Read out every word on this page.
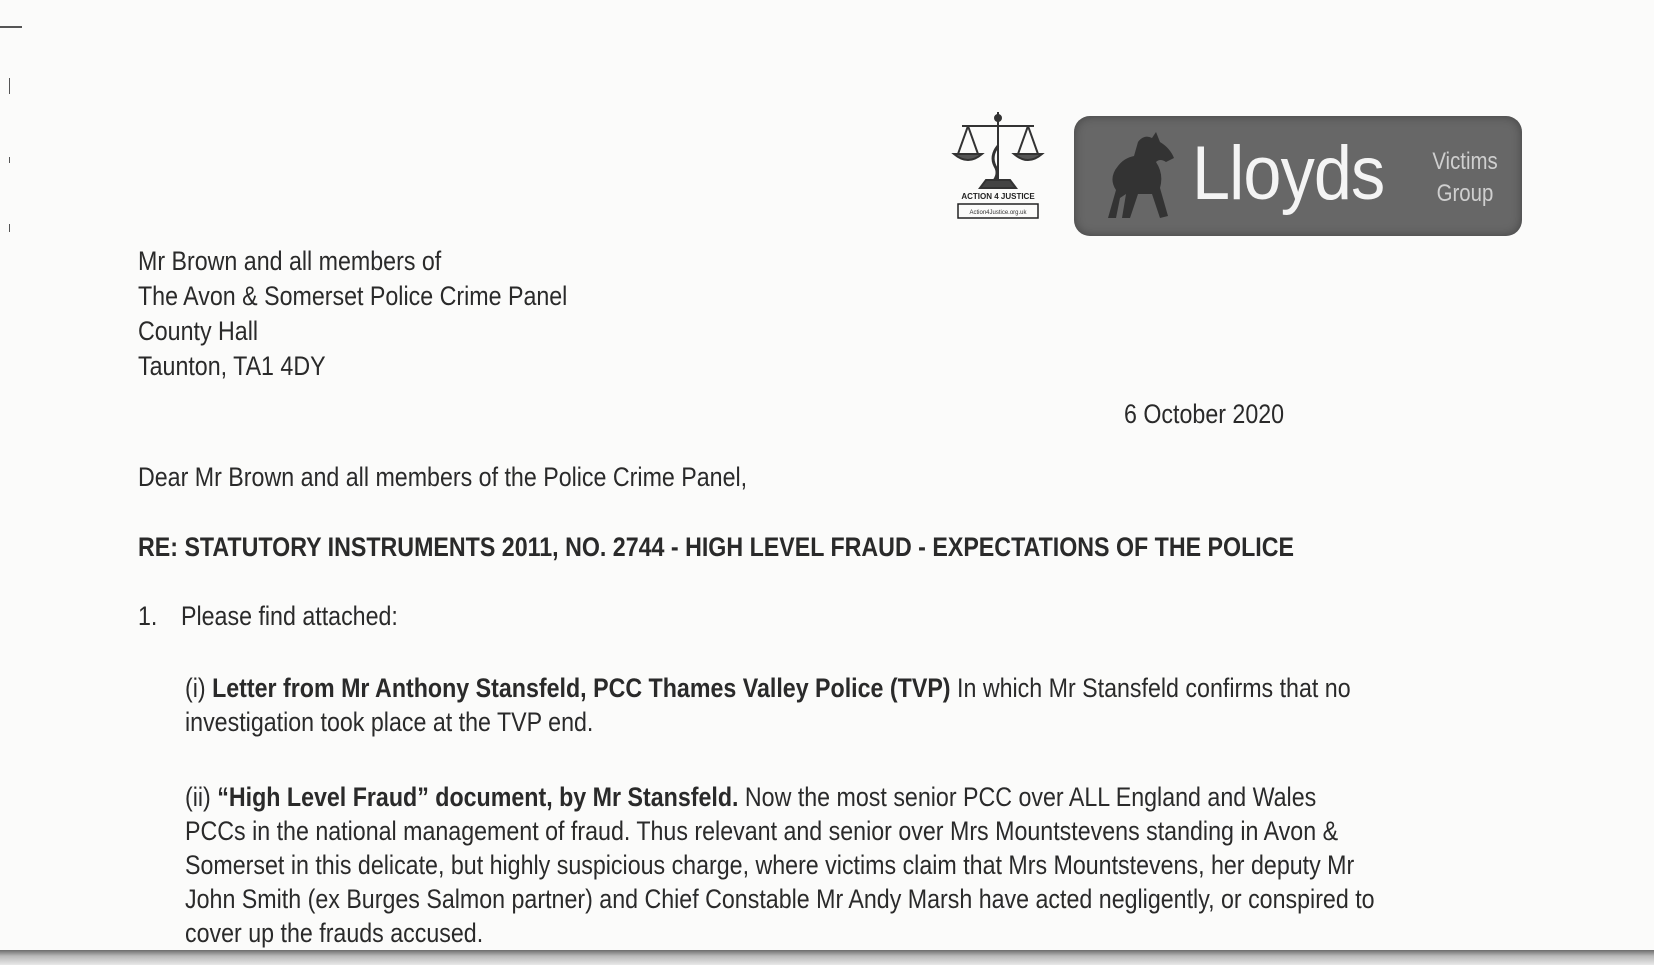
ACTION 4 JUSTICE
Action4Justice.org.uk Lloyds Victims
Group
Mr Brown and all members of
The Avon & Somerset Police Crime Panel
County Hall
Taunton, TA1 4DY
6 October 2020
Dear Mr Brown and all members of the Police Crime Panel,
RE: STATUTORY INSTRUMENTS 2011, NO. 2744 - HIGH LEVEL FRAUD - EXPECTATIONS OF THE POLICE
1. Please find attached:
(i) Letter from Mr Anthony Stansfeld, PCC Thames Valley Police (TVP) In which Mr Stansfeld confirms that no
investigation took place at the TVP end.
(ii) “High Level Fraud” document, by Mr Stansfeld. Now the most senior PCC over ALL England and Wales
PCCs in the national management of fraud. Thus relevant and senior over Mrs Mountstevens standing in Avon &
Somerset in this delicate, but highly suspicious charge, where victims claim that Mrs Mountstevens, her deputy Mr
John Smith (ex Burges Salmon partner) and Chief Constable Mr Andy Marsh have acted negligently, or conspired to
cover up the frauds accused.
